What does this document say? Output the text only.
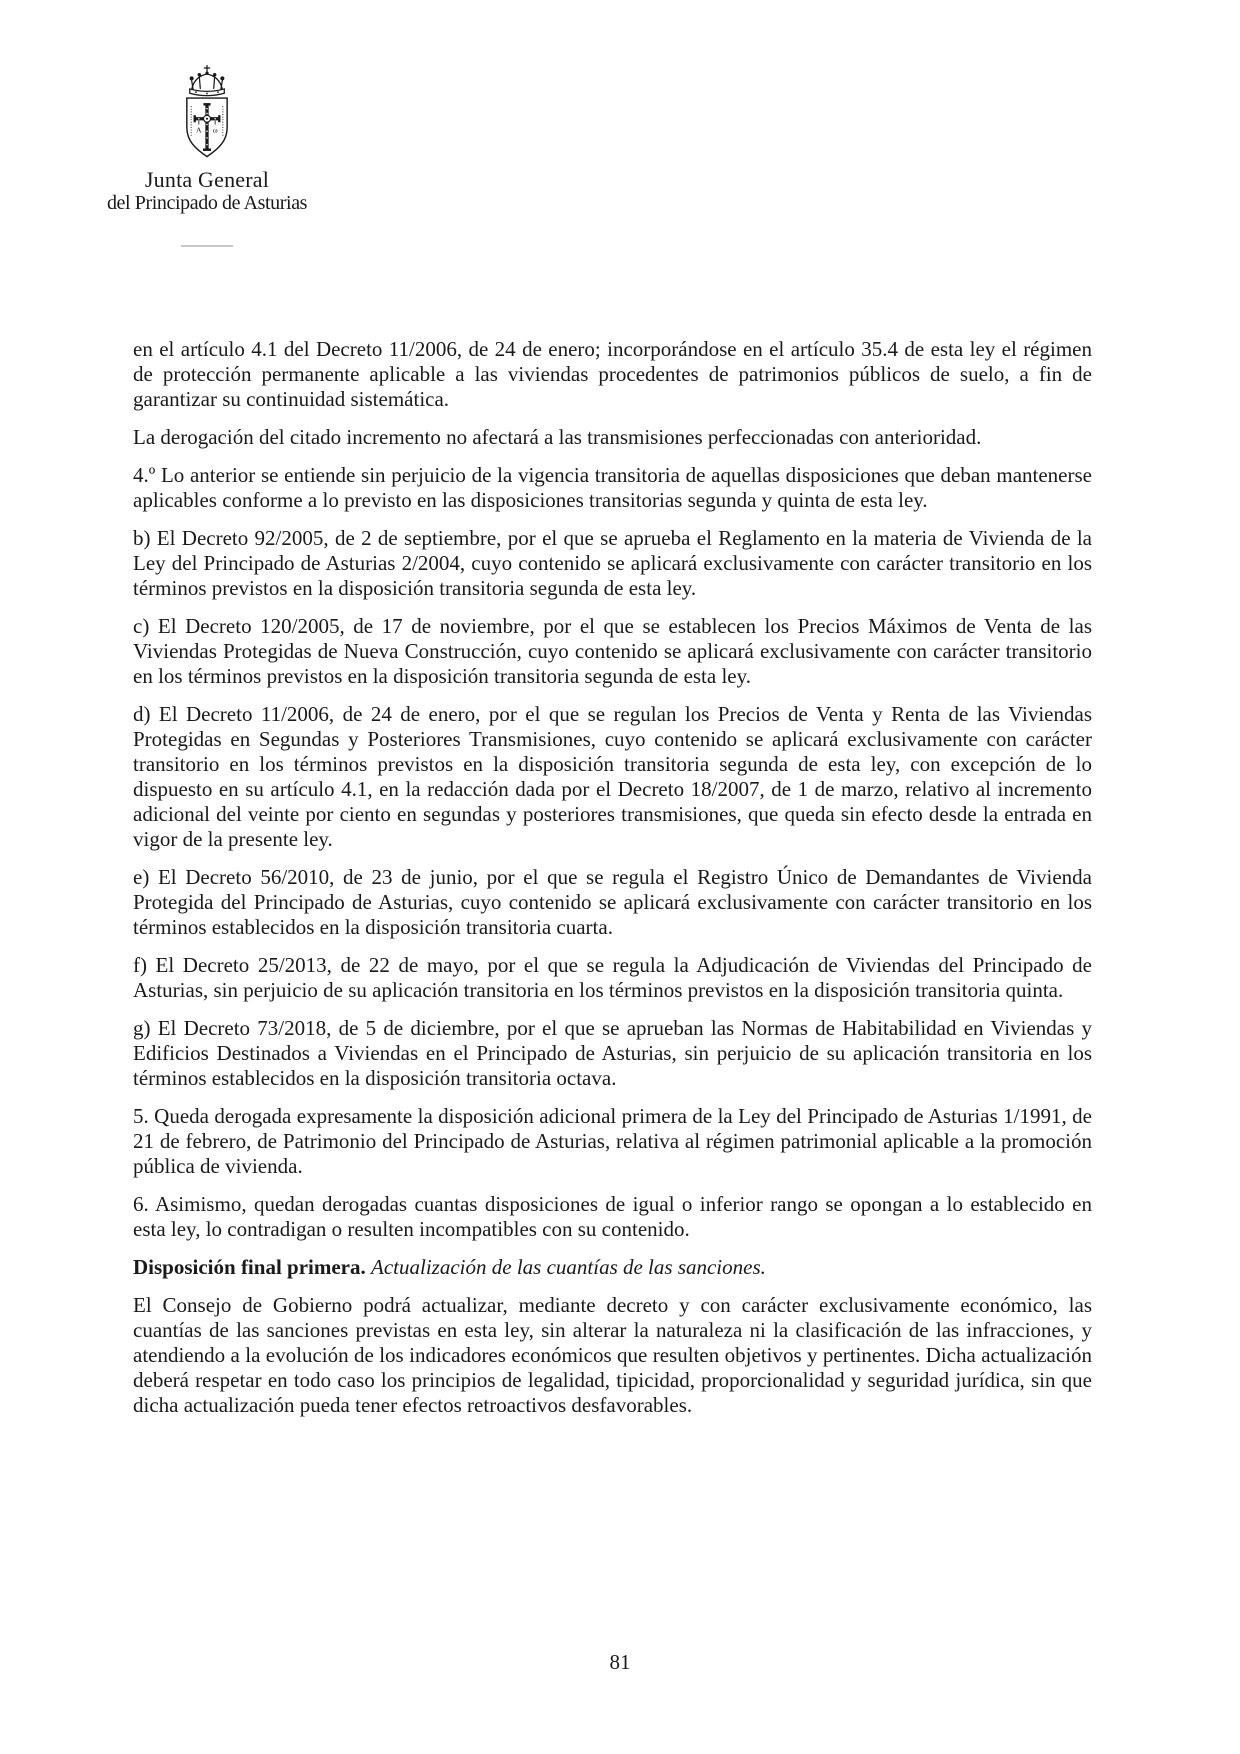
Α ω
Junta General
del Principado de Asturias

en el artículo 4.1 del Decreto 11/2006, de 24 de enero; incorporándose en el artículo 35.4 de esta ley el régimen de protección permanente aplicable a las viviendas procedentes de patrimonios públicos de suelo, a fin de garantizar su continuidad sistemática.

La derogación del citado incremento no afectará a las transmisiones perfeccionadas con anterioridad.

4.º Lo anterior se entiende sin perjuicio de la vigencia transitoria de aquellas disposiciones que deban mantenerse aplicables conforme a lo previsto en las disposiciones transitorias segunda y quinta de esta ley.

b) El Decreto 92/2005, de 2 de septiembre, por el que se aprueba el Reglamento en la materia de Vivienda de la Ley del Principado de Asturias 2/2004, cuyo contenido se aplicará exclusivamente con carácter transitorio en los términos previstos en la disposición transitoria segunda de esta ley.

c) El Decreto 120/2005, de 17 de noviembre, por el que se establecen los Precios Máximos de Venta de las Viviendas Protegidas de Nueva Construcción, cuyo contenido se aplicará exclusivamente con carácter transitorio en los términos previstos en la disposición transitoria segunda de esta ley.

d) El Decreto 11/2006, de 24 de enero, por el que se regulan los Precios de Venta y Renta de las Viviendas Protegidas en Segundas y Posteriores Transmisiones, cuyo contenido se aplicará exclusivamente con carácter transitorio en los términos previstos en la disposición transitoria segunda de esta ley, con excepción de lo dispuesto en su artículo 4.1, en la redacción dada por el Decreto 18/2007, de 1 de marzo, relativo al incremento adicional del veinte por ciento en segundas y posteriores transmisiones, que queda sin efecto desde la entrada en vigor de la presente ley.

e) El Decreto 56/2010, de 23 de junio, por el que se regula el Registro Único de Demandantes de Vivienda Protegida del Principado de Asturias, cuyo contenido se aplicará exclusivamente con carácter transitorio en los términos establecidos en la disposición transitoria cuarta.

f) El Decreto 25/2013, de 22 de mayo, por el que se regula la Adjudicación de Viviendas del Principado de Asturias, sin perjuicio de su aplicación transitoria en los términos previstos en la disposición transitoria quinta.

g) El Decreto 73/2018, de 5 de diciembre, por el que se aprueban las Normas de Habitabilidad en Viviendas y Edificios Destinados a Viviendas en el Principado de Asturias, sin perjuicio de su aplicación transitoria en los términos establecidos en la disposición transitoria octava.

5. Queda derogada expresamente la disposición adicional primera de la Ley del Principado de Asturias 1/1991, de 21 de febrero, de Patrimonio del Principado de Asturias, relativa al régimen patrimonial aplicable a la promoción pública de vivienda.

6. Asimismo, quedan derogadas cuantas disposiciones de igual o inferior rango se opongan a lo establecido en esta ley, lo contradigan o resulten incompatibles con su contenido.

Disposición final primera. Actualización de las cuantías de las sanciones.

El Consejo de Gobierno podrá actualizar, mediante decreto y con carácter exclusivamente económico, las cuantías de las sanciones previstas en esta ley, sin alterar la naturaleza ni la clasificación de las infracciones, y atendiendo a la evolución de los indicadores económicos que resulten objetivos y pertinentes. Dicha actualización deberá respetar en todo caso los principios de legalidad, tipicidad, proporcionalidad y seguridad jurídica, sin que dicha actualización pueda tener efectos retroactivos desfavorables.

81
